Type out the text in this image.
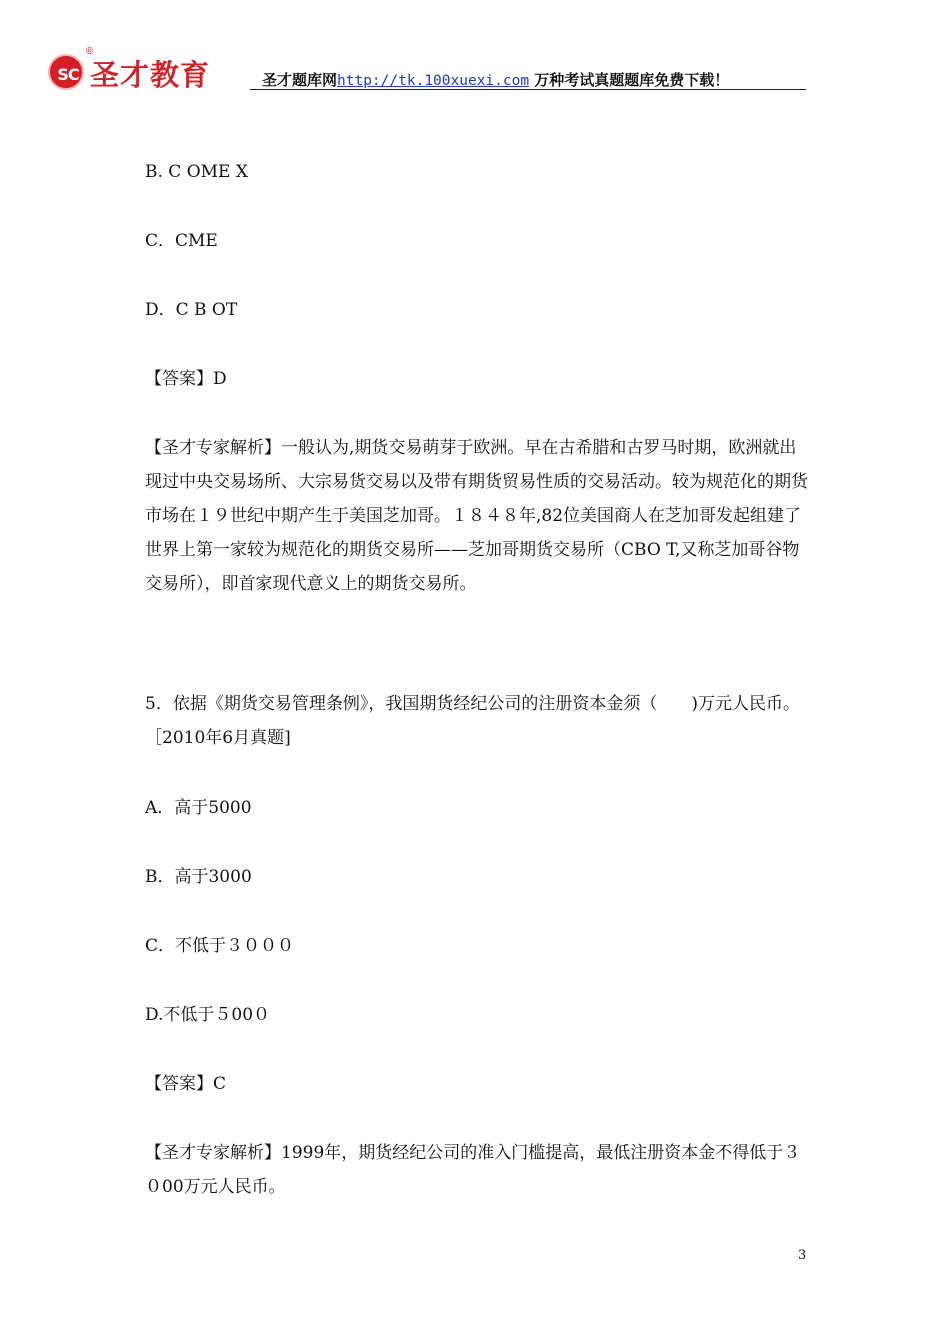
SC
®
圣才教育	圣才题库网http://tk.100xuexi.com 万种考试真题题库免费下载！

B. C OME X

C．CME

D．C B OT

【答案】D

【圣才专家解析】一般认为,期货交易萌芽于欧洲。早在古希腊和古罗马时期，欧洲就出现过中央交易场所、大宗易货交易以及带有期货贸易性质的交易活动。较为规范化的期货市场在１９世纪中期产生于美国芝加哥。１８４８年,82位美国商人在芝加哥发起组建了世界上第一家较为规范化的期货交易所——芝加哥期货交易所（CBO T,又称芝加哥谷物交易所），即首家现代意义上的期货交易所。

5．依据《期货交易管理条例》，我国期货经纪公司的注册资本金须（　　)万元人民币。［2010年6月真题]

A．高于5000

B．高于3000

C．不低于３０００

D.不低于５00０

【答案】C

【圣才专家解析】1999年，期货经纪公司的准入门槛提高，最低注册资本金不得低于３０00万元人民币。

3
